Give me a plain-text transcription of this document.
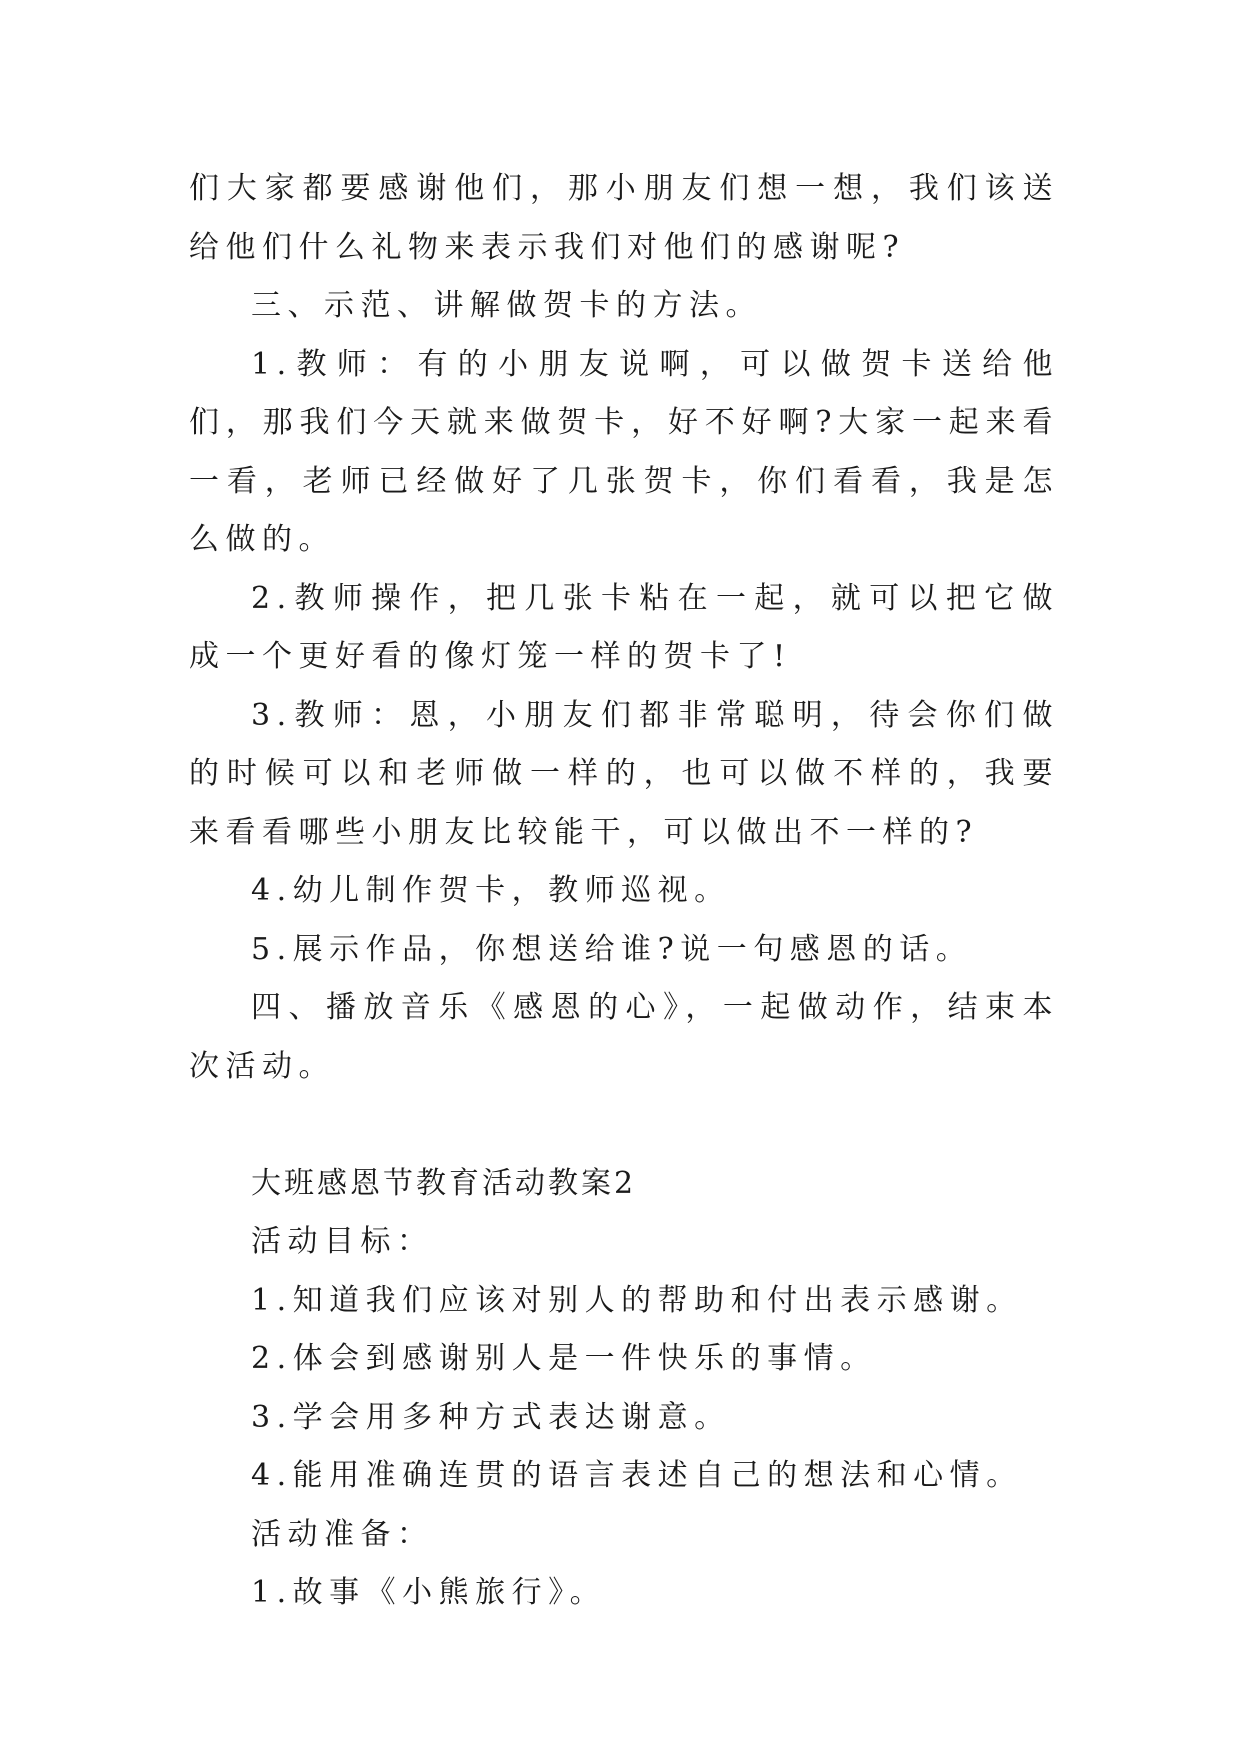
们大家都要感谢他们，那小朋友们想一想，我们该送给他们什么礼物来表示我们对他们的感谢呢?

三、示范、讲解做贺卡的方法。

1.教师：有的小朋友说啊，可以做贺卡送给他们，那我们今天就来做贺卡，好不好啊?大家一起来看一看，老师已经做好了几张贺卡，你们看看，我是怎么做的。

2.教师操作，把几张卡粘在一起，就可以把它做成一个更好看的像灯笼一样的贺卡了!

3.教师：恩，小朋友们都非常聪明，待会你们做的时候可以和老师做一样的，也可以做不样的，我要来看看哪些小朋友比较能干，可以做出不一样的?

4.幼儿制作贺卡，教师巡视。

5.展示作品，你想送给谁?说一句感恩的话。

四、播放音乐《感恩的心》，一起做动作，结束本次活动。

大班感恩节教育活动教案2

活动目标：

1.知道我们应该对别人的帮助和付出表示感谢。

2.体会到感谢别人是一件快乐的事情。

3.学会用多种方式表达谢意。

4.能用准确连贯的语言表述自己的想法和心情。

活动准备：

1.故事《小熊旅行》。
